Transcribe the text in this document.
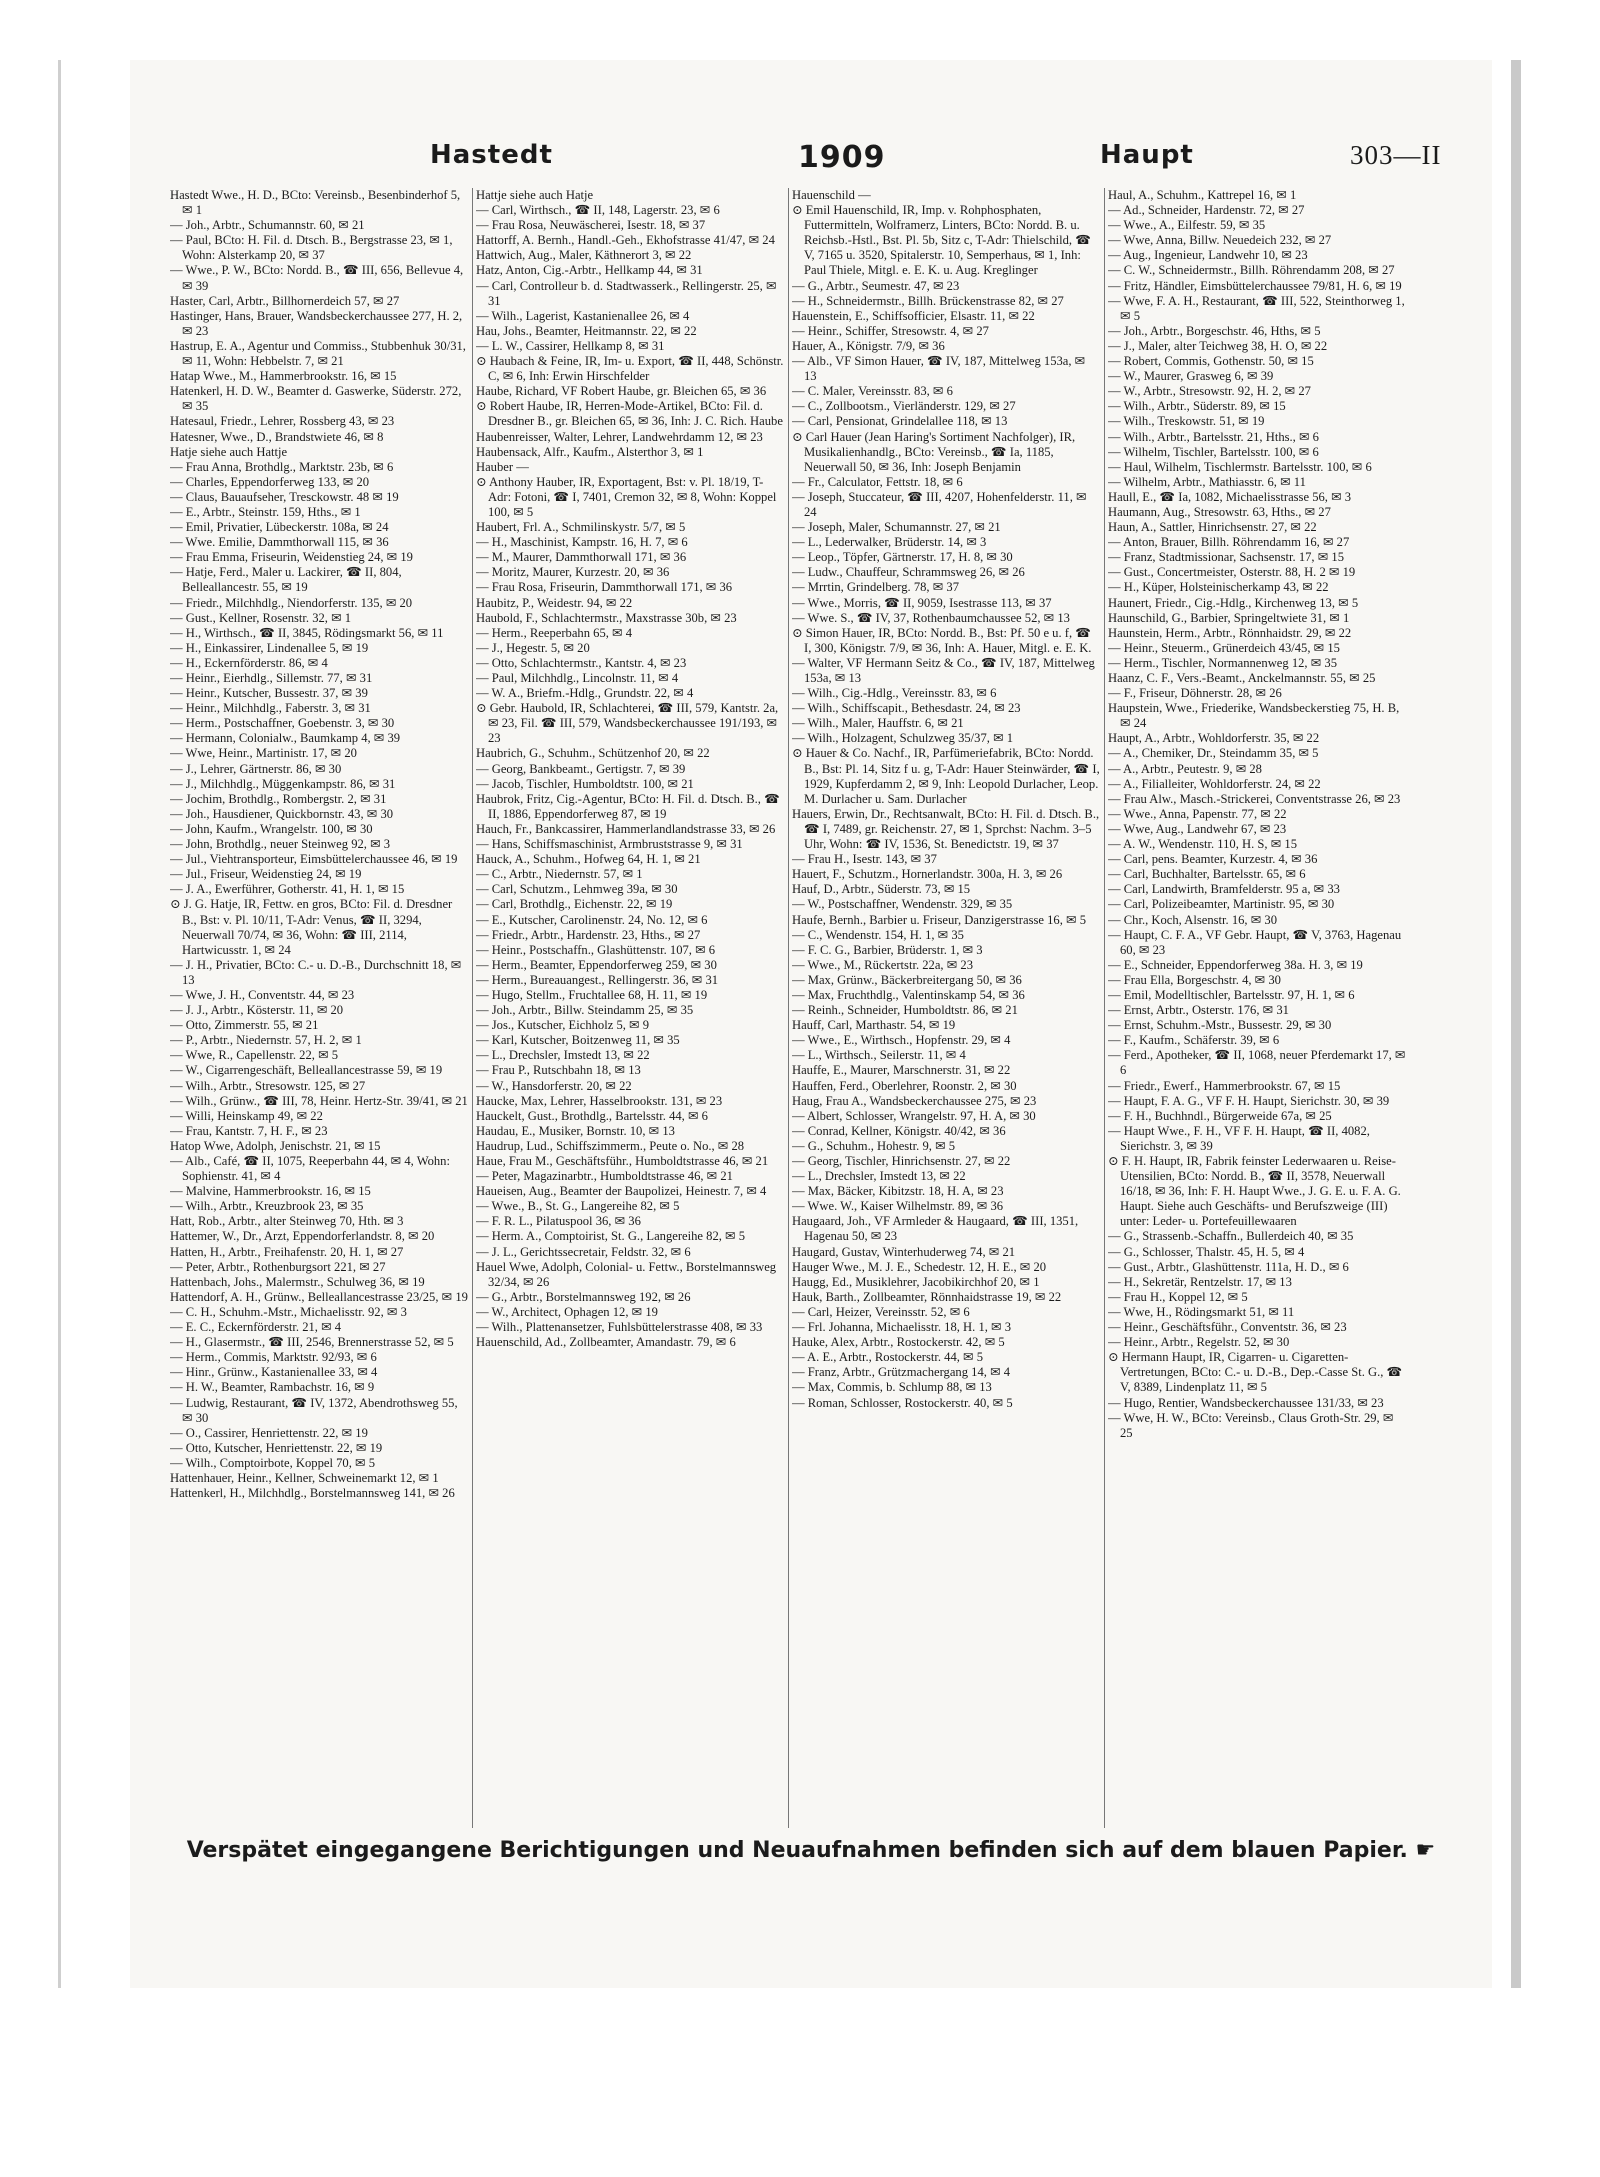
Hastedt	1909	Haupt	303—II

Hastedt Wwe., H. D., BCto: Vereinsb., Besenbinderhof 5, ✉ 1

— Joh., Arbtr., Schumannstr. 60, ✉ 21

— Paul, BCto: H. Fil. d. Dtsch. B., Bergstrasse 23, ✉ 1, Wohn: Alsterkamp 20, ✉ 37

— Wwe., P. W., BCto: Nordd. B., ☎ III, 656, Bellevue 4, ✉ 39

Haster, Carl, Arbtr., Billhornerdeich 57, ✉ 27

Hastinger, Hans, Brauer, Wandsbeckerchaussee 277, H. 2, ✉ 23

Hastrup, E. A., Agentur und Commiss., Stubbenhuk 30/31, ✉ 11, Wohn: Hebbelstr. 7, ✉ 21

Hatap Wwe., M., Hammerbrookstr. 16, ✉ 15

Hatenkerl, H. D. W., Beamter d. Gaswerke, Süderstr. 272, ✉ 35

Hatesaul, Friedr., Lehrer, Rossberg 43, ✉ 23

Hatesner, Wwe., D., Brandstwiete 46, ✉ 8

Hatje siehe auch Hattje

— Frau Anna, Brothdlg., Marktstr. 23b, ✉ 6

— Charles, Eppendorferweg 133, ✉ 20

— Claus, Bauaufseher, Tresckowstr. 48 ✉ 19

— E., Arbtr., Steinstr. 159, Hths., ✉ 1

— Emil, Privatier, Lübeckerstr. 108a, ✉ 24

— Wwe. Emilie, Dammthorwall 115, ✉ 36

— Frau Emma, Friseurin, Weidenstieg 24, ✉ 19

— Hatje, Ferd., Maler u. Lackirer, ☎ II, 804, Belleallancestr. 55, ✉ 19

— Friedr., Milchhdlg., Niendorferstr. 135, ✉ 20

— Gust., Kellner, Rosenstr. 32, ✉ 1

— H., Wirthsch., ☎ II, 3845, Rödingsmarkt 56, ✉ 11

— H., Einkassirer, Lindenallee 5, ✉ 19

— H., Eckernförderstr. 86, ✉ 4

— Heinr., Eierhdlg., Sillemstr. 77, ✉ 31

— Heinr., Kutscher, Bussestr. 37, ✉ 39

— Heinr., Milchhdlg., Faberstr. 3, ✉ 31

— Herm., Postschaffner, Goebenstr. 3, ✉ 30

— Hermann, Colonialw., Baumkamp 4, ✉ 39

— Wwe, Heinr., Martinistr. 17, ✉ 20

— J., Lehrer, Gärtnerstr. 86, ✉ 30

— J., Milchhdlg., Müggenkampstr. 86, ✉ 31

— Jochim, Brothdlg., Rombergstr. 2, ✉ 31

— Joh., Hausdiener, Quickbornstr. 43, ✉ 30

— John, Kaufm., Wrangelstr. 100, ✉ 30

— John, Brothdlg., neuer Steinweg 92, ✉ 3

— Jul., Viehtransporteur, Eimsbüttelerchaussee 46, ✉ 19

— Jul., Friseur, Weidenstieg 24, ✉ 19

— J. A., Ewerführer, Gotherstr. 41, H. 1, ✉ 15

⊙ J. G. Hatje, IR, Fettw. en gros, BCto: Fil. d. Dresdner B., Bst: v. Pl. 10/11, T-Adr: Venus, ☎ II, 3294, Neuerwall 70/74, ✉ 36, Wohn: ☎ III, 2114, Hartwicusstr. 1, ✉ 24

— J. H., Privatier, BCto: C.- u. D.-B., Durchschnitt 18, ✉ 13

— Wwe, J. H., Conventstr. 44, ✉ 23

— J. J., Arbtr., Kösterstr. 11, ✉ 20

— Otto, Zimmerstr. 55, ✉ 21

— P., Arbtr., Niedernstr. 57, H. 2, ✉ 1

— Wwe, R., Capellenstr. 22, ✉ 5

— W., Cigarrengeschäft, Belleallancestrasse 59, ✉ 19

— Wilh., Arbtr., Stresowstr. 125, ✉ 27

— Wilh., Grünw., ☎ III, 78, Heinr. Hertz-Str. 39/41, ✉ 21

— Willi, Heinskamp 49, ✉ 22

— Frau, Kantstr. 7, H. F., ✉ 23

Hatop Wwe, Adolph, Jenischstr. 21, ✉ 15

— Alb., Café, ☎ II, 1075, Reeperbahn 44, ✉ 4, Wohn: Sophienstr. 41, ✉ 4

— Malvine, Hammerbrookstr. 16, ✉ 15

— Wilh., Arbtr., Kreuzbrook 23, ✉ 35

Hatt, Rob., Arbtr., alter Steinweg 70, Hth. ✉ 3

Hattemer, W., Dr., Arzt, Eppendorferlandstr. 8, ✉ 20

Hatten, H., Arbtr., Freihafenstr. 20, H. 1, ✉ 27

— Peter, Arbtr., Rothenburgsort 221, ✉ 27

Hattenbach, Johs., Malermstr., Schulweg 36, ✉ 19

Hattendorf, A. H., Grünw., Belleallancestrasse 23/25, ✉ 19

— C. H., Schuhm.-Mstr., Michaelisstr. 92, ✉ 3

— E. C., Eckernförderstr. 21, ✉ 4

— H., Glasermstr., ☎ III, 2546, Brennerstrasse 52, ✉ 5

— Herm., Commis, Marktstr. 92/93, ✉ 6

— Hinr., Grünw., Kastanienallee 33, ✉ 4

— H. W., Beamter, Rambachstr. 16, ✉ 9

— Ludwig, Restaurant, ☎ IV, 1372, Abendrothsweg 55, ✉ 30

— O., Cassirer, Henriettenstr. 22, ✉ 19

— Otto, Kutscher, Henriettenstr. 22, ✉ 19

— Wilh., Comptoirbote, Koppel 70, ✉ 5

Hattenhauer, Heinr., Kellner, Schweinemarkt 12, ✉ 1

Hattenkerl, H., Milchhdlg., Borstelmannsweg 141, ✉ 26

Hattje siehe auch Hatje

— Carl, Wirthsch., ☎ II, 148, Lagerstr. 23, ✉ 6

— Frau Rosa, Neuwäscherei, Isestr. 18, ✉ 37

Hattorff, A. Bernh., Handl.-Geh., Ekhofstrasse 41/47, ✉ 24

Hattwich, Aug., Maler, Käthnerort 3, ✉ 22

Hatz, Anton, Cig.-Arbtr., Hellkamp 44, ✉ 31

— Carl, Controlleur b. d. Stadtwasserk., Rellingerstr. 25, ✉ 31

— Wilh., Lagerist, Kastanienallee 26, ✉ 4

Hau, Johs., Beamter, Heitmannstr. 22, ✉ 22

— L. W., Cassirer, Hellkamp 8, ✉ 31

⊙ Haubach & Feine, IR, Im- u. Export, ☎ II, 448, Schönstr. C, ✉ 6, Inh: Erwin Hirschfelder

Haube, Richard, VF Robert Haube, gr. Bleichen 65, ✉ 36

⊙ Robert Haube, IR, Herren-Mode-Artikel, BCto: Fil. d. Dresdner B., gr. Bleichen 65, ✉ 36, Inh: J. C. Rich. Haube

Haubenreisser, Walter, Lehrer, Landwehrdamm 12, ✉ 23

Haubensack, Alfr., Kaufm., Alsterthor 3, ✉ 1

Hauber —

⊙ Anthony Hauber, IR, Exportagent, Bst: v. Pl. 18/19, T-Adr: Fotoni, ☎ I, 7401, Cremon 32, ✉ 8, Wohn: Koppel 100, ✉ 5

Haubert, Frl. A., Schmilinskystr. 5/7, ✉ 5

— H., Maschinist, Kampstr. 16, H. 7, ✉ 6

— M., Maurer, Dammthorwall 171, ✉ 36

— Moritz, Maurer, Kurzestr. 20, ✉ 36

— Frau Rosa, Friseurin, Dammthorwall 171, ✉ 36

Haubitz, P., Weidestr. 94, ✉ 22

Haubold, F., Schlachtermstr., Maxstrasse 30b, ✉ 23

— Herm., Reeperbahn 65, ✉ 4

— J., Hegestr. 5, ✉ 20

— Otto, Schlachtermstr., Kantstr. 4, ✉ 23

— Paul, Milchhdlg., Lincolnstr. 11, ✉ 4

— W. A., Briefm.-Hdlg., Grundstr. 22, ✉ 4

⊙ Gebr. Haubold, IR, Schlachterei, ☎ III, 579, Kantstr. 2a, ✉ 23, Fil. ☎ III, 579, Wandsbeckerchaussee 191/193, ✉ 23

Haubrich, G., Schuhm., Schützenhof 20, ✉ 22

— Georg, Bankbeamt., Gertigstr. 7, ✉ 39

— Jacob, Tischler, Humboldtstr. 100, ✉ 21

Haubrok, Fritz, Cig.-Agentur, BCto: H. Fil. d. Dtsch. B., ☎ II, 1886, Eppendorferweg 87, ✉ 19

Hauch, Fr., Bankcassirer, Hammerlandlandstrasse 33, ✉ 26

— Hans, Schiffsmaschinist, Armbruststrasse 9, ✉ 31

Hauck, A., Schuhm., Hofweg 64, H. 1, ✉ 21

— C., Arbtr., Niedernstr. 57, ✉ 1

— Carl, Schutzm., Lehmweg 39a, ✉ 30

— Carl, Brothdlg., Eichenstr. 22, ✉ 19

— E., Kutscher, Carolinenstr. 24, No. 12, ✉ 6

— Friedr., Arbtr., Hardenstr. 23, Hths., ✉ 27

— Heinr., Postschaffn., Glashüttenstr. 107, ✉ 6

— Herm., Beamter, Eppendorferweg 259, ✉ 30

— Herm., Bureauangest., Rellingerstr. 36, ✉ 31

— Hugo, Stellm., Fruchtallee 68, H. 11, ✉ 19

— Joh., Arbtr., Billw. Steindamm 25, ✉ 35

— Jos., Kutscher, Eichholz 5, ✉ 9

— Karl, Kutscher, Boitzenweg 11, ✉ 35

— L., Drechsler, Imstedt 13, ✉ 22

— Frau P., Rutschbahn 18, ✉ 13

— W., Hansdorferstr. 20, ✉ 22

Haucke, Max, Lehrer, Hasselbrookstr. 131, ✉ 23

Hauckelt, Gust., Brothdlg., Bartelsstr. 44, ✉ 6

Haudau, E., Musiker, Bornstr. 10, ✉ 13

Haudrup, Lud., Schiffszimmerm., Peute o. No., ✉ 28

Haue, Frau M., Geschäftsführ., Humboldtstrasse 46, ✉ 21

— Peter, Magazinarbtr., Humboldtstrasse 46, ✉ 21

Haueisen, Aug., Beamter der Baupolizei, Heinestr. 7, ✉ 4

— Wwe., B., St. G., Langereihe 82, ✉ 5

— F. R. L., Pilatuspool 36, ✉ 36

— Herm. A., Comptoirist, St. G., Langereihe 82, ✉ 5

— J. L., Gerichtssecretair, Feldstr. 32, ✉ 6

Hauel Wwe, Adolph, Colonial- u. Fettw., Borstelmannsweg 32/34, ✉ 26

— G., Arbtr., Borstelmannsweg 192, ✉ 26

— W., Architect, Ophagen 12, ✉ 19

— Wilh., Plattenansetzer, Fuhlsbüttelerstrasse 408, ✉ 33

Hauenschild, Ad., Zollbeamter, Amandastr. 79, ✉ 6

Hauenschild —

⊙ Emil Hauenschild, IR, Imp. v. Rohphosphaten, Futtermitteln, Wolframerz, Linters, BCto: Nordd. B. u. Reichsb.-Hstl., Bst. Pl. 5b, Sitz c, T-Adr: Thielschild, ☎ V, 7165 u. 3520, Spitalerstr. 10, Semperhaus, ✉ 1, Inh: Paul Thiele, Mitgl. e. E. K. u. Aug. Kreglinger

— G., Arbtr., Seumestr. 47, ✉ 23

— H., Schneidermstr., Billh. Brückenstrasse 82, ✉ 27

Hauenstein, E., Schiffsofficier, Elsastr. 11, ✉ 22

— Heinr., Schiffer, Stresowstr. 4, ✉ 27

Hauer, A., Königstr. 7/9, ✉ 36

— Alb., VF Simon Hauer, ☎ IV, 187, Mittelweg 153a, ✉ 13

— C. Maler, Vereinsstr. 83, ✉ 6

— C., Zollbootsm., Vierländerstr. 129, ✉ 27

— Carl, Pensionat, Grindelallee 118, ✉ 13

⊙ Carl Hauer (Jean Haring's Sortiment Nachfolger), IR, Musikalienhandlg., BCto: Vereinsb., ☎ Ia, 1185, Neuerwall 50, ✉ 36, Inh: Joseph Benjamin

— Fr., Calculator, Fettstr. 18, ✉ 6

— Joseph, Stuccateur, ☎ III, 4207, Hohenfelderstr. 11, ✉ 24

— Joseph, Maler, Schumannstr. 27, ✉ 21

— L., Lederwalker, Brüderstr. 14, ✉ 3

— Leop., Töpfer, Gärtnerstr. 17, H. 8, ✉ 30

— Ludw., Chauffeur, Schrammsweg 26, ✉ 26

— Mrrtin, Grindelberg. 78, ✉ 37

— Wwe., Morris, ☎ II, 9059, Isestrasse 113, ✉ 37

— Wwe. S., ☎ IV, 37, Rothenbaumchaussee 52, ✉ 13

⊙ Simon Hauer, IR, BCto: Nordd. B., Bst: Pf. 50 e u. f, ☎ I, 300, Königstr. 7/9, ✉ 36, Inh: A. Hauer, Mitgl. e. E. K.

— Walter, VF Hermann Seitz & Co., ☎ IV, 187, Mittelweg 153a, ✉ 13

— Wilh., Cig.-Hdlg., Vereinsstr. 83, ✉ 6

— Wilh., Schiffscapit., Bethesdastr. 24, ✉ 23

— Wilh., Maler, Hauffstr. 6, ✉ 21

— Wilh., Holzagent, Schulzweg 35/37, ✉ 1

⊙ Hauer & Co. Nachf., IR, Parfümeriefabrik, BCto: Nordd. B., Bst: Pl. 14, Sitz f u. g, T-Adr: Hauer Steinwärder, ☎ I, 1929, Kupferdamm 2, ✉ 9, Inh: Leopold Durlacher, Leop. M. Durlacher u. Sam. Durlacher

Hauers, Erwin, Dr., Rechtsanwalt, BCto: H. Fil. d. Dtsch. B., ☎ I, 7489, gr. Reichenstr. 27, ✉ 1, Sprchst: Nachm. 3–5 Uhr, Wohn: ☎ IV, 1536, St. Benedictstr. 19, ✉ 37

— Frau H., Isestr. 143, ✉ 37

Hauert, F., Schutzm., Hornerlandstr. 300a, H. 3, ✉ 26

Hauf, D., Arbtr., Süderstr. 73, ✉ 15

— W., Postschaffner, Wendenstr. 329, ✉ 35

Haufe, Bernh., Barbier u. Friseur, Danzigerstrasse 16, ✉ 5

— C., Wendenstr. 154, H. 1, ✉ 35

— F. C. G., Barbier, Brüderstr. 1, ✉ 3

— Wwe., M., Rückertstr. 22a, ✉ 23

— Max, Grünw., Bäckerbreitergang 50, ✉ 36

— Max, Fruchthdlg., Valentinskamp 54, ✉ 36

— Reinh., Schneider, Humboldtstr. 86, ✉ 21

Hauff, Carl, Marthastr. 54, ✉ 19

— Wwe., E., Wirthsch., Hopfenstr. 29, ✉ 4

— L., Wirthsch., Seilerstr. 11, ✉ 4

Hauffe, E., Maurer, Marschnerstr. 31, ✉ 22

Hauffen, Ferd., Oberlehrer, Roonstr. 2, ✉ 30

Haug, Frau A., Wandsbeckerchaussee 275, ✉ 23

— Albert, Schlosser, Wrangelstr. 97, H. A, ✉ 30

— Conrad, Kellner, Königstr. 40/42, ✉ 36

— G., Schuhm., Hohestr. 9, ✉ 5

— Georg, Tischler, Hinrichsenstr. 27, ✉ 22

— L., Drechsler, Imstedt 13, ✉ 22

— Max, Bäcker, Kibitzstr. 18, H. A, ✉ 23

— Wwe. W., Kaiser Wilhelmstr. 89, ✉ 36

Haugaard, Joh., VF Armleder & Haugaard, ☎ III, 1351, Hagenau 50, ✉ 23

Haugard, Gustav, Winterhuderweg 74, ✉ 21

Hauger Wwe., M. J. E., Schedestr. 12, H. E., ✉ 20

Haugg, Ed., Musiklehrer, Jacobikirchhof 20, ✉ 1

Hauk, Barth., Zollbeamter, Rönnhaidstrasse 19, ✉ 22

— Carl, Heizer, Vereinsstr. 52, ✉ 6

— Frl. Johanna, Michaelisstr. 18, H. 1, ✉ 3

Hauke, Alex, Arbtr., Rostockerstr. 42, ✉ 5

— A. E., Arbtr., Rostockerstr. 44, ✉ 5

— Franz, Arbtr., Grützmachergang 14, ✉ 4

— Max, Commis, b. Schlump 88, ✉ 13

— Roman, Schlosser, Rostockerstr. 40, ✉ 5

Haul, A., Schuhm., Kattrepel 16, ✉ 1

— Ad., Schneider, Hardenstr. 72, ✉ 27

— Wwe., A., Eilfestr. 59, ✉ 35

— Wwe, Anna, Billw. Neuedeich 232, ✉ 27

— Aug., Ingenieur, Landwehr 10, ✉ 23

— C. W., Schneidermstr., Billh. Röhrendamm 208, ✉ 27

— Fritz, Händler, Eimsbüttelerchaussee 79/81, H. 6, ✉ 19

— Wwe, F. A. H., Restaurant, ☎ III, 522, Steinthorweg 1, ✉ 5

— Joh., Arbtr., Borgeschstr. 46, Hths, ✉ 5

— J., Maler, alter Teichweg 38, H. O, ✉ 22

— Robert, Commis, Gothenstr. 50, ✉ 15

— W., Maurer, Grasweg 6, ✉ 39

— W., Arbtr., Stresowstr. 92, H. 2, ✉ 27

— Wilh., Arbtr., Süderstr. 89, ✉ 15

— Wilh., Treskowstr. 51, ✉ 19

— Wilh., Arbtr., Bartelsstr. 21, Hths., ✉ 6

— Wilhelm, Tischler, Bartelsstr. 100, ✉ 6

— Haul, Wilhelm, Tischlermstr. Bartelsstr. 100, ✉ 6

— Wilhelm, Arbtr., Mathiasstr. 6, ✉ 11

Haull, E., ☎ Ia, 1082, Michaelisstrasse 56, ✉ 3

Haumann, Aug., Stresowstr. 63, Hths., ✉ 27

Haun, A., Sattler, Hinrichsenstr. 27, ✉ 22

— Anton, Brauer, Billh. Röhrendamm 16, ✉ 27

— Franz, Stadtmissionar, Sachsenstr. 17, ✉ 15

— Gust., Concertmeister, Osterstr. 88, H. 2 ✉ 19

— H., Küper, Holsteinischerkamp 43, ✉ 22

Haunert, Friedr., Cig.-Hdlg., Kirchenweg 13, ✉ 5

Haunschild, G., Barbier, Springeltwiete 31, ✉ 1

Haunstein, Herm., Arbtr., Rönnhaidstr. 29, ✉ 22

— Heinr., Steuerm., Grünerdeich 43/45, ✉ 15

— Herm., Tischler, Normannenweg 12, ✉ 35

Haanz, C. F., Vers.-Beamt., Anckelmannstr. 55, ✉ 25

— F., Friseur, Döhnerstr. 28, ✉ 26

Haupstein, Wwe., Friederike, Wandsbeckerstieg 75, H. B, ✉ 24

Haupt, A., Arbtr., Wohldorferstr. 35, ✉ 22

— A., Chemiker, Dr., Steindamm 35, ✉ 5

— A., Arbtr., Peutestr. 9, ✉ 28

— A., Filialleiter, Wohldorferstr. 24, ✉ 22

— Frau Alw., Masch.-Strickerei, Conventstrasse 26, ✉ 23

— Wwe., Anna, Papenstr. 77, ✉ 22

— Wwe, Aug., Landwehr 67, ✉ 23

— A. W., Wendenstr. 110, H. S, ✉ 15

— Carl, pens. Beamter, Kurzestr. 4, ✉ 36

— Carl, Buchhalter, Bartelsstr. 65, ✉ 6

— Carl, Landwirth, Bramfelderstr. 95 a, ✉ 33

— Carl, Polizeibeamter, Martinistr. 95, ✉ 30

— Chr., Koch, Alsenstr. 16, ✉ 30

— Haupt, C. F. A., VF Gebr. Haupt, ☎ V, 3763, Hagenau 60, ✉ 23

— E., Schneider, Eppendorferweg 38a. H. 3, ✉ 19

— Frau Ella, Borgeschstr. 4, ✉ 30

— Emil, Modelltischler, Bartelsstr. 97, H. 1, ✉ 6

— Ernst, Arbtr., Osterstr. 176, ✉ 31

— Ernst, Schuhm.-Mstr., Bussestr. 29, ✉ 30

— F., Kaufm., Schäferstr. 39, ✉ 6

— Ferd., Apotheker, ☎ II, 1068, neuer Pferdemarkt 17, ✉ 6

— Friedr., Ewerf., Hammerbrookstr. 67, ✉ 15

— Haupt, F. A. G., VF F. H. Haupt, Sierichstr. 30, ✉ 39

— F. H., Buchhndl., Bürgerweide 67a, ✉ 25

— Haupt Wwe., F. H., VF F. H. Haupt, ☎ II, 4082, Sierichstr. 3, ✉ 39

⊙ F. H. Haupt, IR, Fabrik feinster Lederwaaren u. Reise-Utensilien, BCto: Nordd. B., ☎ II, 3578, Neuerwall 16/18, ✉ 36, Inh: F. H. Haupt Wwe., J. G. E. u. F. A. G. Haupt. Siehe auch Geschäfts- und Berufszweige (III) unter: Leder- u. Portefeuillewaaren

— G., Strassenb.-Schaffn., Bullerdeich 40, ✉ 35

— G., Schlosser, Thalstr. 45, H. 5, ✉ 4

— Gust., Arbtr., Glashüttenstr. 111a, H. D., ✉ 6

— H., Sekretär, Rentzelstr. 17, ✉ 13

— Frau H., Koppel 12, ✉ 5

— Wwe, H., Rödingsmarkt 51, ✉ 11

— Heinr., Geschäftsführ., Conventstr. 36, ✉ 23

— Heinr., Arbtr., Regelstr. 52, ✉ 30

⊙ Hermann Haupt, IR, Cigarren- u. Cigaretten-Vertretungen, BCto: C.- u. D.-B., Dep.-Casse St. G., ☎ V, 8389, Lindenplatz 11, ✉ 5

— Hugo, Rentier, Wandsbeckerchaussee 131/33, ✉ 23

— Wwe, H. W., BCto: Vereinsb., Claus Groth-Str. 29, ✉ 25

Verspätet eingegangene Berichtigungen und Neuaufnahmen befinden sich auf dem blauen Papier. ☛
